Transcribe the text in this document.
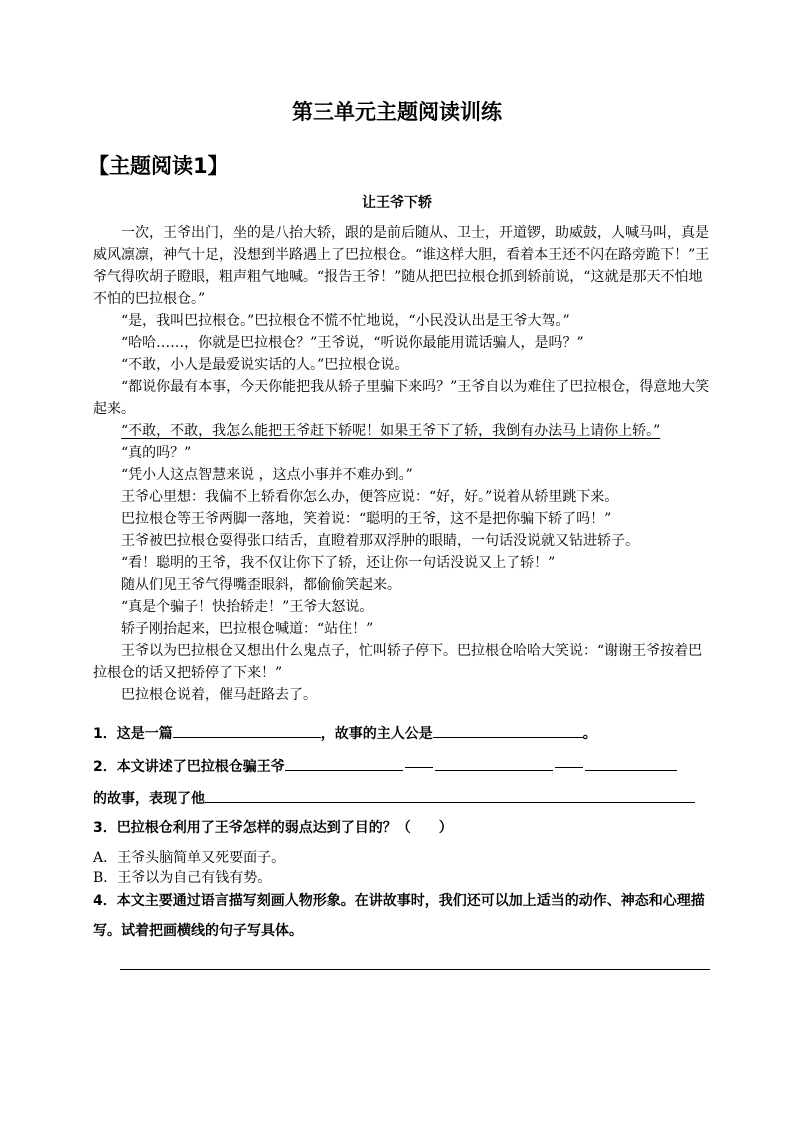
第三单元主题阅读训练
【主题阅读1】
让王爷下轿

一次，王爷出门，坐的是八抬大轿，跟的是前后随从、卫士，开道锣，助威鼓，人喊马叫，真是威风凛凛，神气十足，没想到半路遇上了巴拉根仓。“谁这样大胆，看着本王还不闪在路旁跪下！”王爷气得吹胡子瞪眼，粗声粗气地喊。“报告王爷！”随从把巴拉根仓抓到轿前说，“这就是那天不怕地不怕的巴拉根仓。”

“是，我叫巴拉根仓。”巴拉根仓不慌不忙地说，“小民没认出是王爷大驾。”

“哈哈……，你就是巴拉根仓？”王爷说，“听说你最能用谎话骗人，是吗？”

“不敢，小人是最爱说实话的人。”巴拉根仓说。

“都说你最有本事，今天你能把我从轿子里骗下来吗？”王爷自以为难住了巴拉根仓，得意地大笑起来。

“不敢，不敢，我怎么能把王爷赶下轿呢！如果王爷下了轿，我倒有办法马上请你上轿。”

“真的吗？”

“凭小人这点智慧来说 ，这点小事并不难办到。”

王爷心里想：我偏不上轿看你怎么办，便答应说：“好，好。”说着从轿里跳下来。

巴拉根仓等王爷两脚一落地，笑着说：“聪明的王爷，这不是把你骗下轿了吗！”

王爷被巴拉根仓耍得张口结舌，直瞪着那双浮肿的眼睛，一句话没说就又钻进轿子。

“看！聪明的王爷，我不仅让你下了轿，还让你一句话没说又上了轿！”

随从们见王爷气得嘴歪眼斜，都偷偷笑起来。

“真是个骗子！快抬轿走！”王爷大怒说。

轿子刚抬起来，巴拉根仓喊道：“站住！”

王爷以为巴拉根仓又想出什么鬼点子，忙叫轿子停下。巴拉根仓哈哈大笑说：“谢谢王爷按着巴拉根仓的话又把轿停了下来！”

巴拉根仓说着，催马赶路去了。

1．这是一篇	，故事的主人公是	。
2．本文讲述了巴拉根仓骗王爷
的故事，表现了他
3．巴拉根仓利用了王爷怎样的弱点达到了目的？（　　）
A．王爷头脑简单又死要面子。
B．王爷以为自己有钱有势。
4．本文主要通过语言描写刻画人物形象。在讲故事时，我们还可以加上适当的动作、神态和心理描写。试着把画横线的句子写具体。
